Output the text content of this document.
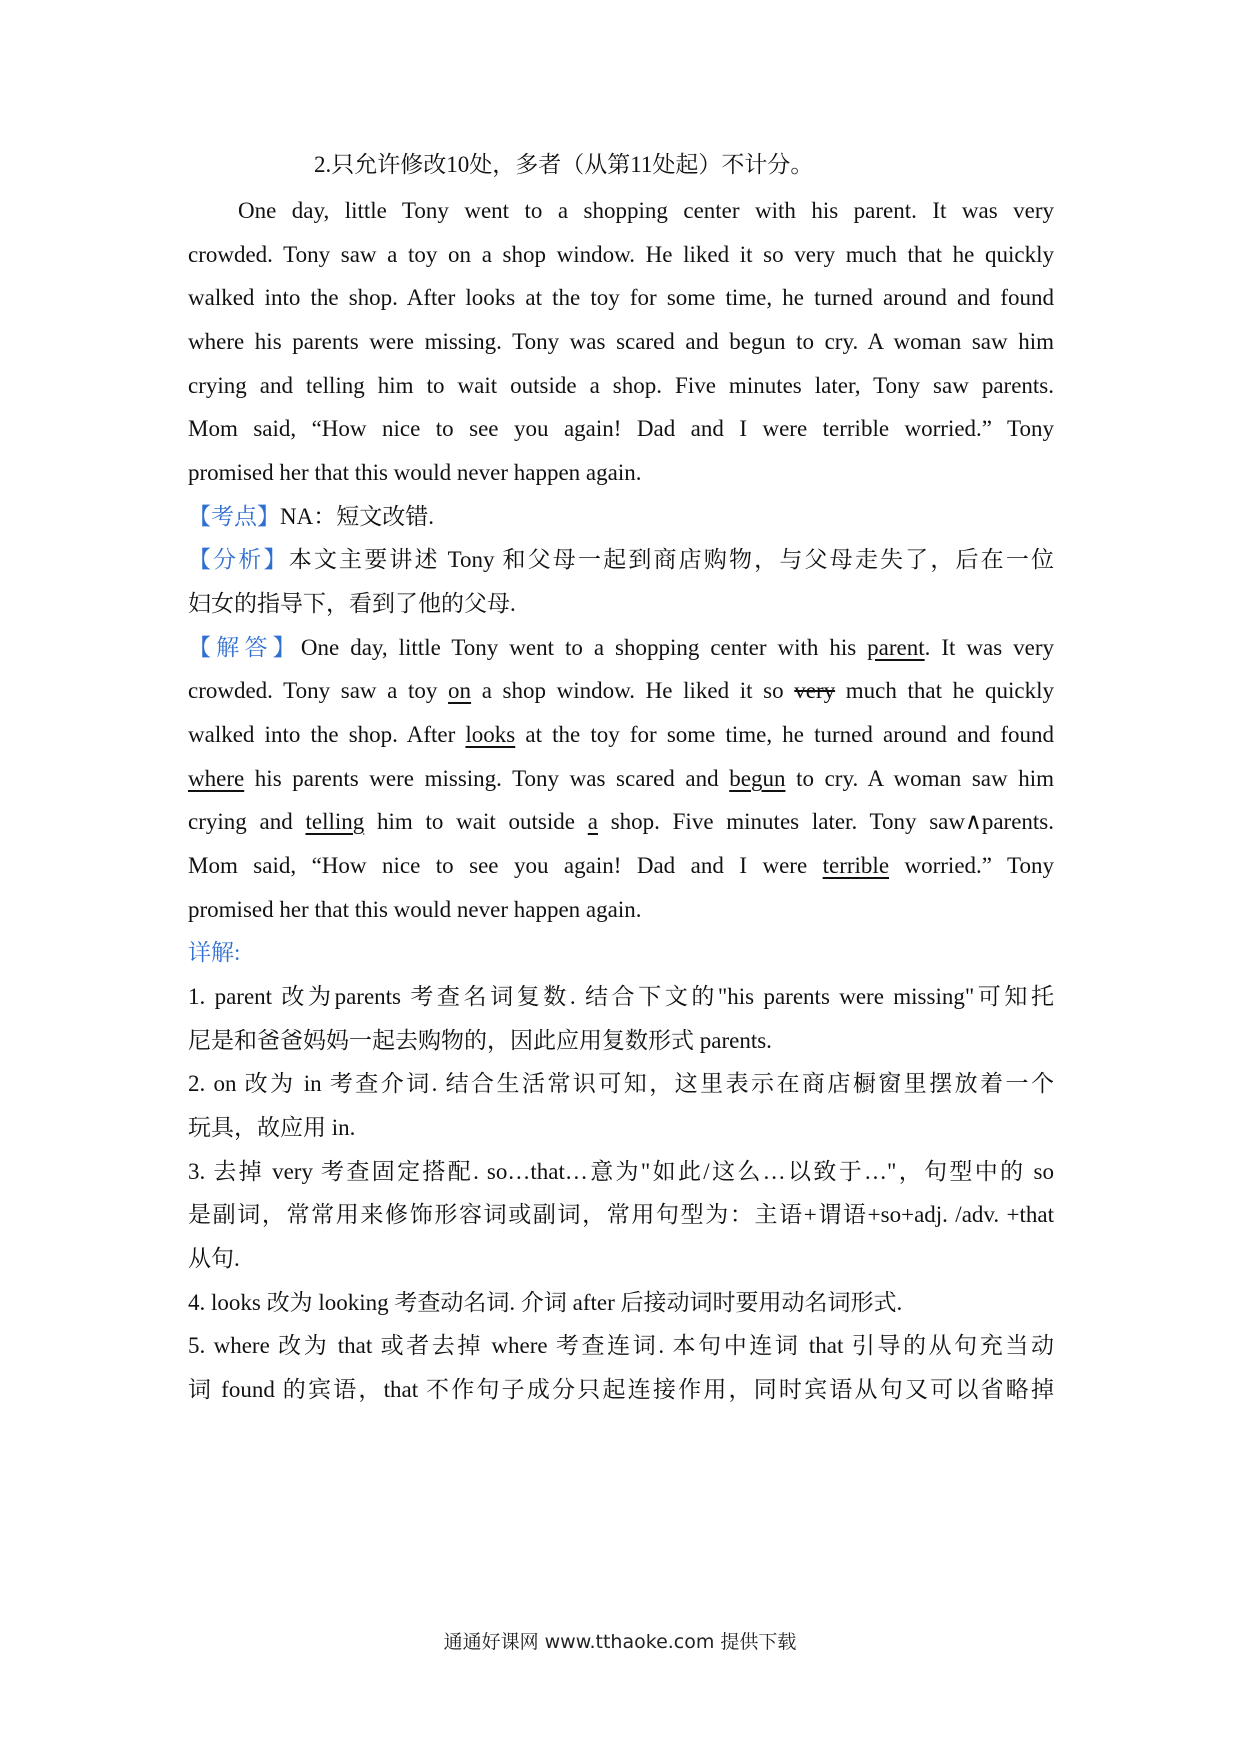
2.只允许修改10处，多者（从第11处起）不计分。
One day, little Tony went to a shopping center with his parent. It was very
crowded. Tony saw a toy on a shop window. He liked it so very much that he quickly
walked into the shop. After looks at the toy for some time, he turned around and found
where his parents were missing. Tony was scared and begun to cry. A woman saw him
crying and telling him to wait outside a shop. Five minutes later, Tony saw parents.
Mom said, “How nice to see you again! Dad and I were terrible worried.” Tony
promised her that this would never happen again.
【考点】NA：短文改错.
【分析】本文主要讲述 Tony 和父母一起到商店购物，与父母走失了，后在一位
妇女的指导下，看到了他的父母.
【解答】One day, little Tony went to a shopping center with his parent. It was very
crowded. Tony saw a toy on a shop window. He liked it so very much that he quickly
walked into the shop. After looks at the toy for some time, he turned around and found
where his parents were missing. Tony was scared and begun to cry. A woman saw him
crying and telling him to wait outside a shop. Five minutes later. Tony saw∧parents.
Mom said, “How nice to see you again! Dad and I were terrible worried.” Tony
promised her that this would never happen again.
详解:
1. parent 改为parents 考查名词复数. 结合下文的"his parents were missing"可知托
尼是和爸爸妈妈一起去购物的，因此应用复数形式 parents.
2. on 改为 in 考查介词. 结合生活常识可知，这里表示在商店橱窗里摆放着一个
玩具，故应用 in.
3. 去掉 very 考查固定搭配. so…that…意为"如此/这么…以致于…"，句型中的 so
是副词，常常用来修饰形容词或副词，常用句型为：主语+谓语+so+adj. /adv. +that
从句.
4. looks 改为 looking 考查动名词. 介词 after 后接动词时要用动名词形式.
5. where 改为 that 或者去掉 where 考查连词. 本句中连词 that 引导的从句充当动
词 found 的宾语，that 不作句子成分只起连接作用，同时宾语从句又可以省略掉
通通好课网 www.tthaoke.com 提供下载
